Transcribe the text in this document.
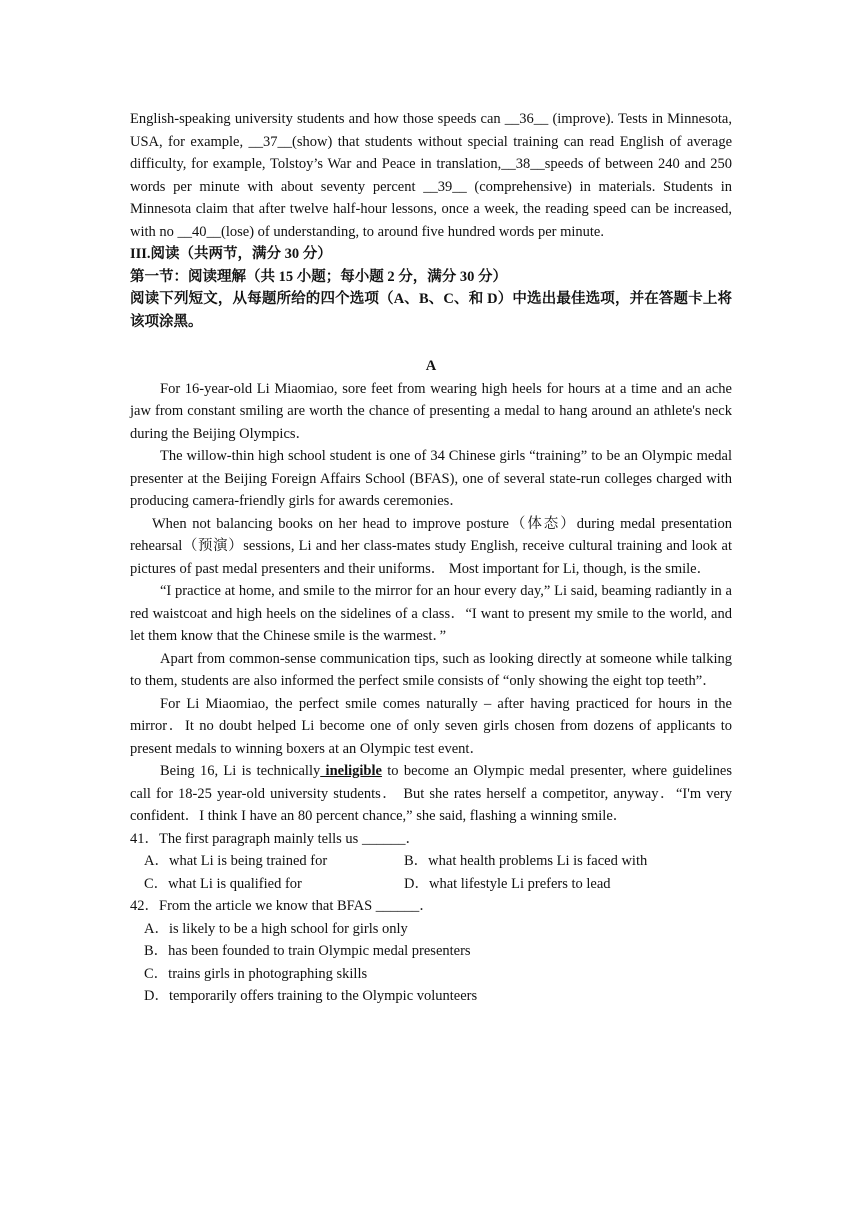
English-speaking university students and how those speeds can __36__ (improve). Tests in Minnesota, USA, for example, __37__(show) that students without special training can read English of average difficulty, for example, Tolstoy’s War and Peace in translation,__38__speeds of between 240 and 250 words per minute with about seventy percent __39__ (comprehensive) in materials. Students in Minnesota claim that after twelve half-hour lessons, once a week, the reading speed can be increased, with no __40__(lose) of understanding, to around five hundred words per minute.

III.阅读（共两节，满分 30 分）

第一节：阅读理解（共 15 小题；每小题 2 分，满分 30 分）

阅读下列短文，从每题所给的四个选项（A、B、C、和 D）中选出最佳选项，并在答题卡上将该项涂黑。

A

For 16-year-old Li Miaomiao, sore feet from wearing high heels for hours at a time and an ache jaw from constant smiling are worth the chance of presenting a medal to hang around an athlete's neck during the Beijing Olympics．

The willow-thin high school student is one of 34 Chinese girls “training” to be an Olympic medal presenter at the Beijing Foreign Affairs School (BFAS), one of several state-run colleges charged with producing camera-friendly girls for awards ceremonies．

When not balancing books on her head to improve posture（体态）during medal presentation rehearsal（预演）sessions, Li and her class-mates study English, receive cultural training and look at pictures of past medal presenters and their uniforms． Most important for Li, though, is the smile．

“I practice at home, and smile to the mirror for an hour every day,” Li said, beaming radiantly in a red waistcoat and high heels on the sidelines of a class．“I want to present my smile to the world, and let them know that the Chinese smile is the warmest．”

Apart from common-sense communication tips, such as looking directly at someone while talking to them, students are also informed the perfect smile consists of “only showing the eight top teeth”．

For Li Miaomiao, the perfect smile comes naturally – after having practiced for hours in the mirror．It no doubt helped Li become one of only seven girls chosen from dozens of applicants to present medals to winning boxers at an Olympic test event．

Being 16, Li is technically ineligible to become an Olympic medal presenter, where guidelines call for 18-25 year-old university students． But she rates herself a competitor, anyway．“I'm very confident．I think I have an 80 percent chance,” she said, flashing a winning smile．

41．The first paragraph mainly tells us ______．

A．what Li is being trained for	B．what health problems Li is faced with
C．what Li is qualified for	D．what lifestyle Li prefers to lead

42．From the article we know that BFAS ______．

A．is likely to be a high school for girls only
B．has been founded to train Olympic medal presenters
C．trains girls in photographing skills
D．temporarily offers training to the Olympic volunteers
